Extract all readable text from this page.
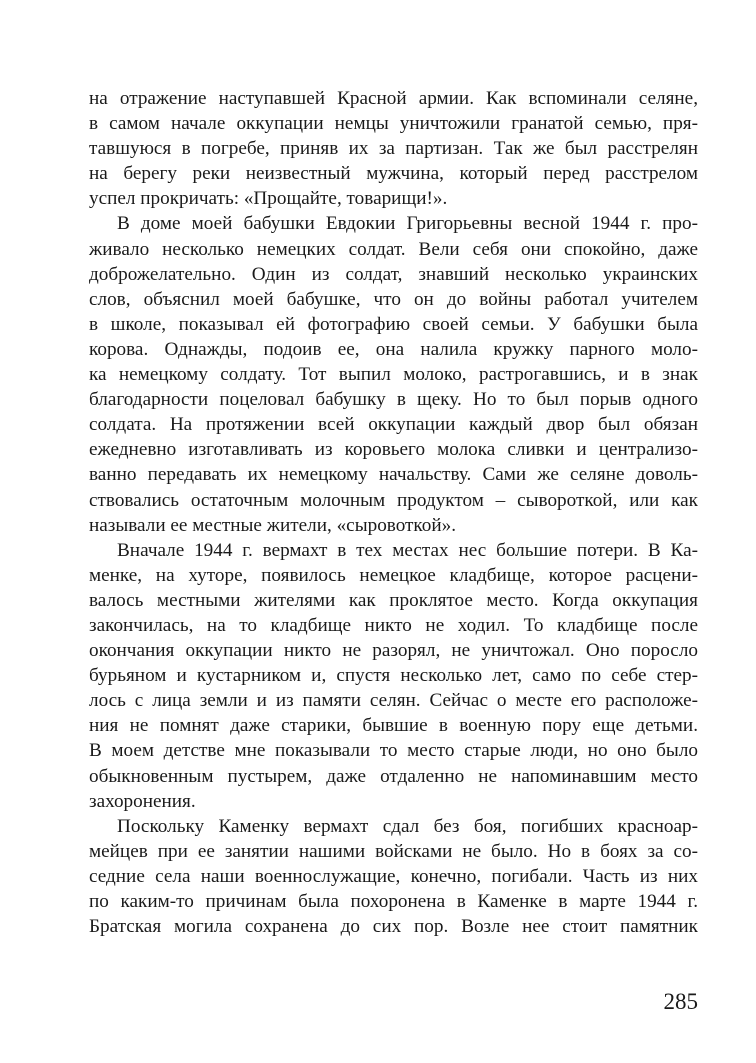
на отражение наступавшей Красной армии. Как вспоминали селяне,
в самом начале оккупации немцы уничтожили гранатой семью, пря-
тавшуюся в погребе, приняв их за партизан. Так же был расстрелян
на берегу реки неизвестный мужчина, который перед расстрелом
успел прокричать: «Прощайте, товарищи!».

В доме моей бабушки Евдокии Григорьевны весной 1944 г. про-
живало несколько немецких солдат. Вели себя они спокойно, даже
доброжелательно. Один из солдат, знавший несколько украинских
слов, объяснил моей бабушке, что он до войны работал учителем
в школе, показывал ей фотографию своей семьи. У бабушки была
корова. Однажды, подоив ее, она налила кружку парного моло-
ка немецкому солдату. Тот выпил молоко, растрогавшись, и в знак
благодарности поцеловал бабушку в щеку. Но то был порыв одного
солдата. На протяжении всей оккупации каждый двор был обязан
ежедневно изготавливать из коровьего молока сливки и централизо-
ванно передавать их немецкому начальству. Сами же селяне доволь-
ствовались остаточным молочным продуктом – сывороткой, или как
называли ее местные жители, «сыровоткой».

Вначале 1944 г. вермахт в тех местах нес большие потери. В Ка-
менке, на хуторе, появилось немецкое кладбище, которое расцени-
валось местными жителями как проклятое место. Когда оккупация
закончилась, на то кладбище никто не ходил. То кладбище после
окончания оккупации никто не разорял, не уничтожал. Оно поросло
бурьяном и кустарником и, спустя несколько лет, само по себе стер-
лось с лица земли и из памяти селян. Сейчас о месте его расположе-
ния не помнят даже старики, бывшие в военную пору еще детьми.
В моем детстве мне показывали то место старые люди, но оно было
обыкновенным пустырем, даже отдаленно не напоминавшим место
захоронения.

Поскольку Каменку вермахт сдал без боя, погибших красноар-
мейцев при ее занятии нашими войсками не было. Но в боях за со-
седние села наши военнослужащие, конечно, погибали. Часть из них
по каким-то причинам была похоронена в Каменке в марте 1944 г.
Братская могила сохранена до сих пор. Возле нее стоит памятник

285
